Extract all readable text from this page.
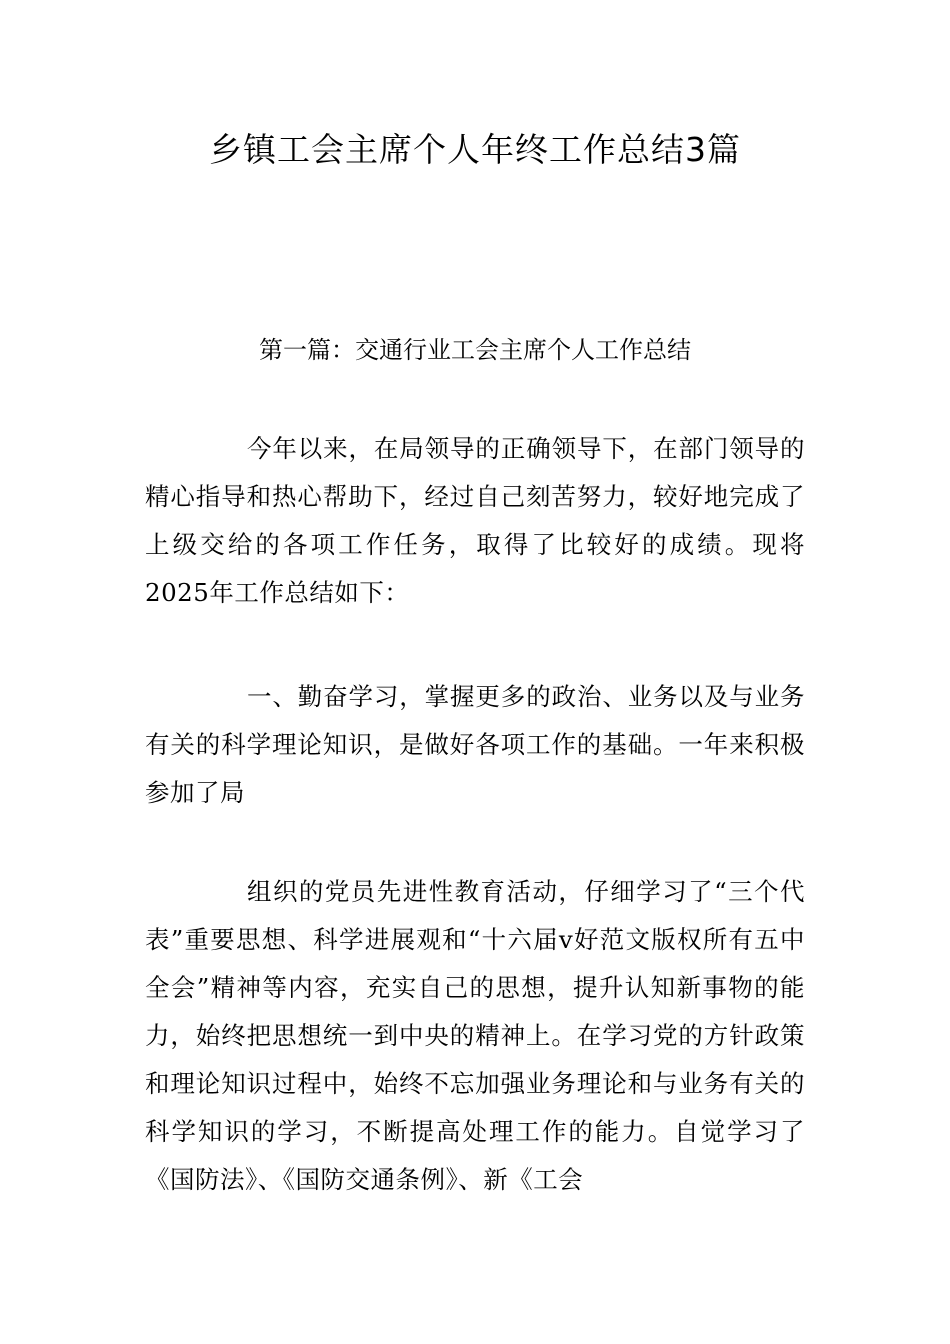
乡镇工会主席个人年终工作总结3篇
第一篇：交通行业工会主席个人工作总结

今年以来，在局领导的正确领导下，在部门领导的精心指导和热心帮助下，经过自己刻苦努力，较好地完成了上级交给的各项工作任务，取得了比较好的成绩。现将2025年工作总结如下：

一、勤奋学习，掌握更多的政治、业务以及与业务有关的科学理论知识，是做好各项工作的基础。一年来积极参加了局

组织的党员先进性教育活动，仔细学习了“三个代表”重要思想、科学进展观和“十六届v好范文版权所有五中全会”精神等内容，充实自己的思想，提升认知新事物的能力，始终把思想统一到中央的精神上。在学习党的方针政策和理论知识过程中，始终不忘加强业务理论和与业务有关的科学知识的学习，不断提高处理工作的能力。自觉学习了《国防法》、《国防交通条例》、新《工会
